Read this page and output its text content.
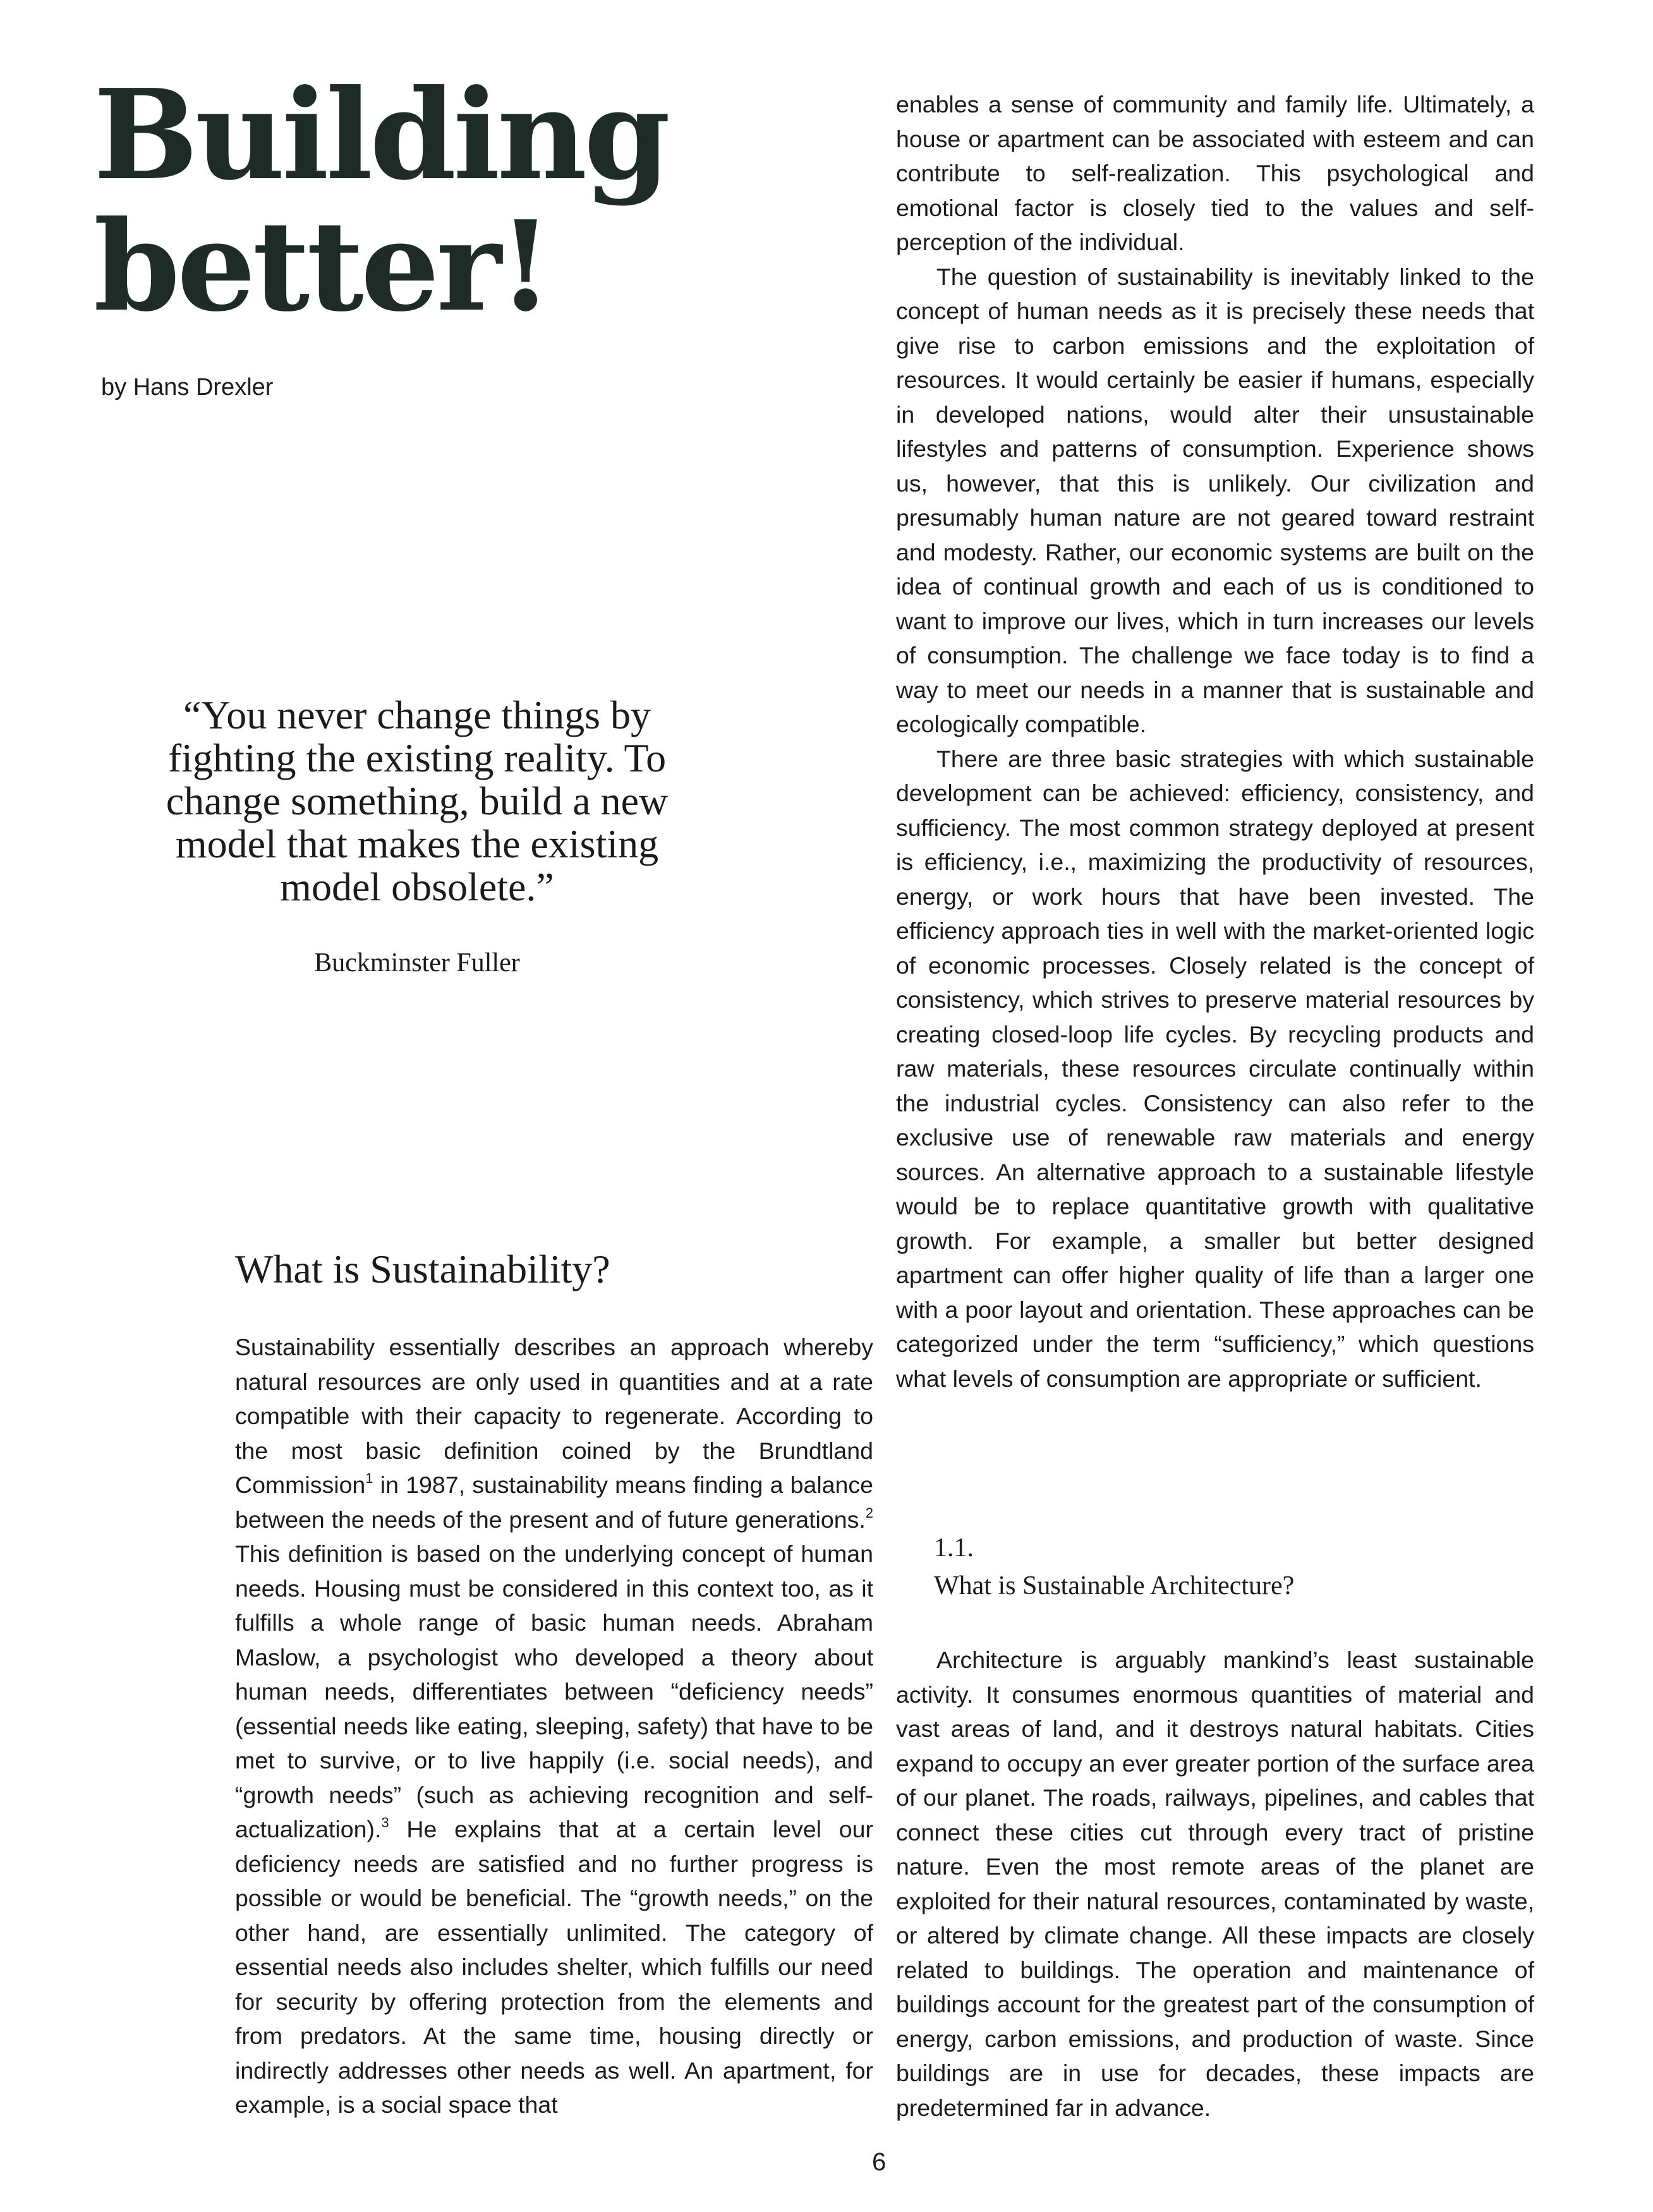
Building
better!
by Hans Drexler

“You never change things by fighting the existing reality. To change something, build a new model that makes the existing model obsolete.”

Buckminster Fuller
What is Sustainability?

Sustainability essentially describes an approach whereby natural resources are only used in quantities and at a rate compatible with their capacity to regenerate. According to the most basic definition coined by the Brundtland Commission$^1$ in 1987, sustainability means finding a balance between the needs of the present and of future generations.$^2$ This definition is based on the underlying concept of human needs. Housing must be considered in this context too, as it fulfills a whole range of basic human needs. Abraham Maslow, a psychologist who developed a theory about human needs, differentiates between “deficiency needs” (essential needs like eating, sleeping, safety) that have to be met to survive, or to live happily (i.e. social needs), and “growth needs” (such as achieving recognition and self-actualization).$^3$ He explains that at a certain level our deficiency needs are satisfied and no further progress is possible or would be beneficial. The “growth needs,” on the other hand, are essentially unlimited. The category of essential needs also includes shelter, which fulfills our need for security by offering protection from the elements and from predators. At the same time, housing directly or indirectly addresses other needs as well. An apartment, for example, is a social space that

enables a sense of community and family life. Ultimately, a house or apartment can be associated with esteem and can contribute to self-realization. This psychological and emotional factor is closely tied to the values and self-perception of the individual.

The question of sustainability is inevitably linked to the concept of human needs as it is precisely these needs that give rise to carbon emissions and the exploitation of resources. It would certainly be easier if humans, especially in developed nations, would alter their unsustainable lifestyles and patterns of consumption. Experience shows us, however, that this is unlikely. Our civilization and presumably human nature are not geared toward restraint and modesty. Rather, our economic systems are built on the idea of continual growth and each of us is conditioned to want to improve our lives, which in turn increases our levels of consumption. The challenge we face today is to find a way to meet our needs in a manner that is sustainable and ecologically compatible.

There are three basic strategies with which sustainable development can be achieved: efficiency, consistency, and sufficiency. The most common strategy deployed at present is efficiency, i.e., maximizing the productivity of resources, energy, or work hours that have been invested. The efficiency approach ties in well with the market-oriented logic of economic processes. Closely related is the concept of consistency, which strives to preserve material resources by creating closed-loop life cycles. By recycling products and raw materials, these resources circulate continually within the industrial cycles. Consistency can also refer to the exclusive use of renewable raw materials and energy sources. An alternative approach to a sustainable lifestyle would be to replace quantitative growth with qualitative growth. For example, a smaller but better designed apartment can offer higher quality of life than a larger one with a poor layout and orientation. These approaches can be categorized under the term “sufficiency,” which questions what levels of consumption are appropriate or sufficient.

1.1.
What is Sustainable Architecture?

Architecture is arguably mankind’s least sustainable activity. It consumes enormous quantities of material and vast areas of land, and it destroys natural habitats. Cities expand to occupy an ever greater portion of the surface area of our planet. The roads, railways, pipelines, and cables that connect these cities cut through every tract of pristine nature. Even the most remote areas of the planet are exploited for their natural resources, contaminated by waste, or altered by climate change. All these impacts are closely related to buildings. The operation and maintenance of buildings account for the greatest part of the consumption of energy, carbon emissions, and production of waste. Since buildings are in use for decades, these impacts are predetermined far in advance.

6
